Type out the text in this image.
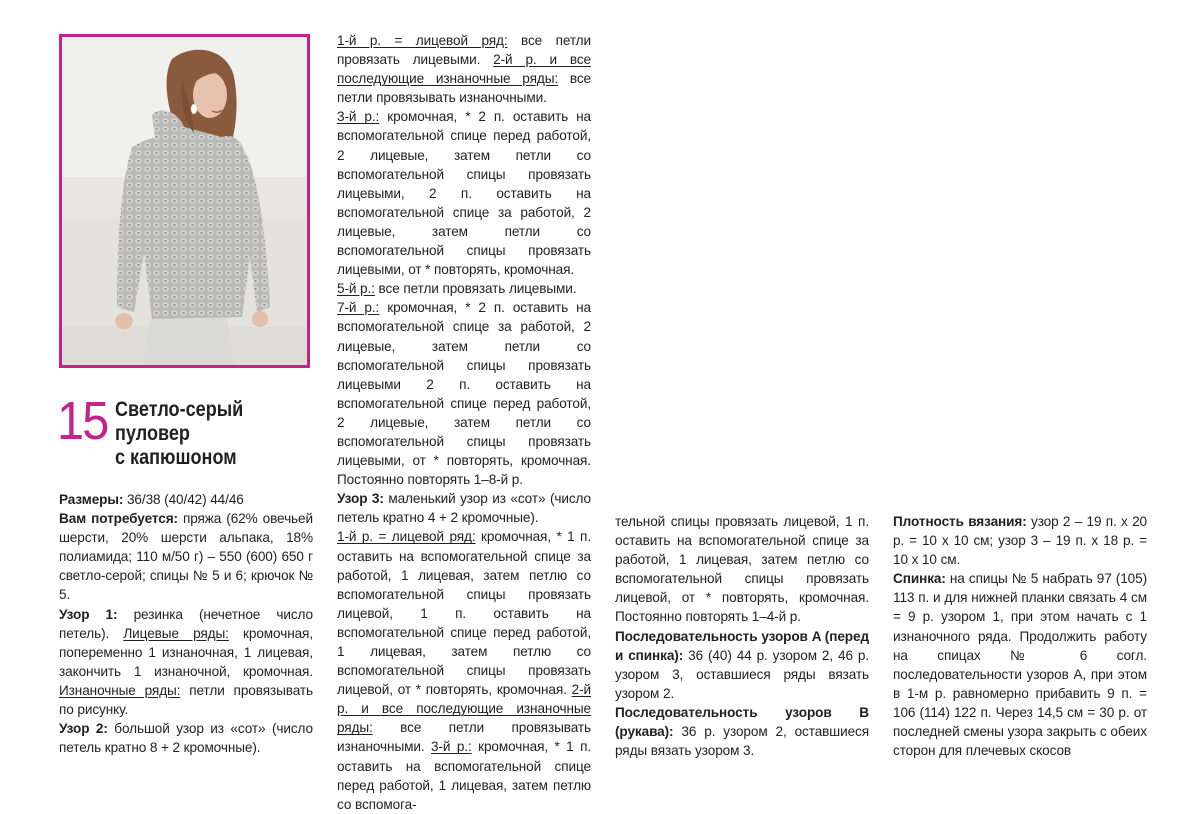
15 Светло-серый
пуловер
с капюшоном

Размеры: 36/38 (40/42) 44/46

Вам потребуется: пряжа (62% овечьей шерсти, 20% шерсти альпака, 18% полиамида; 110 м/50 г) – 550 (600) 650 г светло-серой; спицы № 5 и 6; крючок № 5.

Узор 1: резинка (нечетное число петель). Лицевые ряды: кромочная, попеременно 1 изнаночная, 1 лицевая, закончить 1 изнаночной, кромочная. Изнаночные ряды: петли провязывать по рисунку.

Узор 2: большой узор из «сот» (число петель кратно 8 + 2 кромочные).

1-й р. = лицевой ряд: все петли провязать лицевыми. 2-й р. и все последующие изнаночные ряды: все петли провязывать изнаночными.

3-й р.: кромочная, * 2 п. оставить на вспомогательной спице перед работой, 2 лицевые, затем петли со вспомогательной спицы провязать лицевыми, 2 п. оставить на вспомогательной спице за работой, 2 лицевые, затем петли со вспомогательной спицы провязать лицевыми, от * повторять, кромочная.

5-й р.: все петли провязать лицевыми.

7-й р.: кромочная, * 2 п. оставить на вспомогательной спице за работой, 2 лицевые, затем петли со вспомогательной спицы провязать лицевыми 2 п. оставить на вспомогательной спице перед работой, 2 лицевые, затем петли со вспомогательной спицы провязать лицевыми, от * повторять, кромочная. Постоянно повторять 1–8-й р.

Узор 3: маленький узор из «сот» (число петель кратно 4 + 2 кромочные).

1-й р. = лицевой ряд: кромочная, * 1 п. оставить на вспомогательной спице за работой, 1 лицевая, затем петлю со вспомогательной спицы провязать лицевой, 1 п. оставить на вспомогательной спице перед работой, 1 лицевая, затем петлю со вспомогательной спицы провязать лицевой, от * повторять, кромочная. 2-й р. и все последующие изнаночные ряды: все петли провязывать изнаночными. 3-й р.: кромочная, * 1 п. оставить на вспомогательной спице перед работой, 1 лицевая, затем петлю со вспомога-

тельной спицы провязать лицевой, 1 п. оставить на вспомогательной спице за работой, 1 лицевая, затем петлю со вспомогательной спицы провязать лицевой, от * повторять, кромочная. Постоянно повторять 1–4-й р.

Последовательность узоров A (перед и спинка): 36 (40) 44 р. узором 2, 46 р. узором 3, оставшиеся ряды вязать узором 2.

Последовательность узоров B (рукава): 36 р. узором 2, оставшиеся ряды вязать узором 3.

Плотность вязания: узор 2 – 19 п. х 20 р. = 10 х 10 см; узор 3 – 19 п. х 18 р. = 10 х 10 см.

Спинка: на спицы № 5 набрать 97 (105) 113 п. и для нижней планки связать 4 см = 9 р. узором 1, при этом начать с 1 изнаночного ряда. Продолжить работу на спицах № 6 согл. последовательности узоров А, при этом в 1-м р. равномерно прибавить 9 п. = 106 (114) 122 п. Через 14,5 см = 30 р. от последней смены узора закрыть с обеих сторон для плечевых скосов
